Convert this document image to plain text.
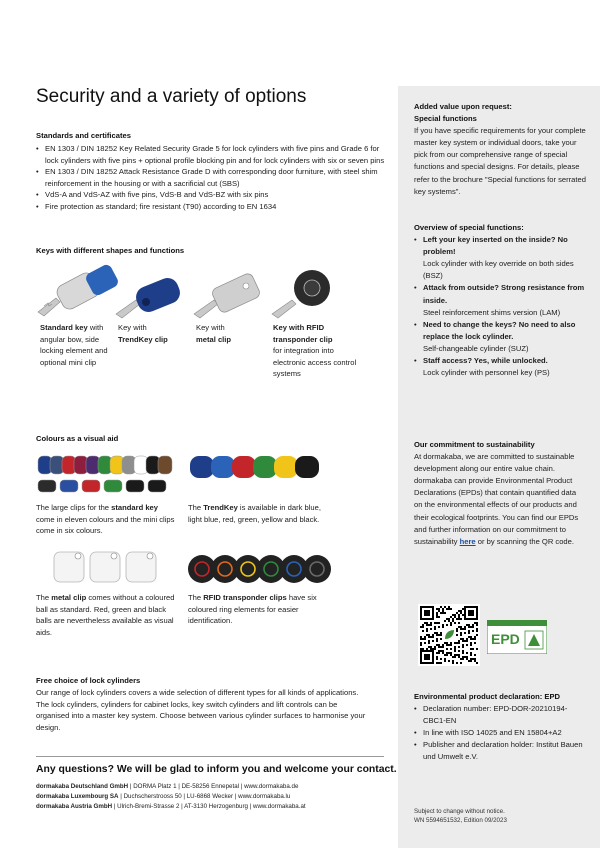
Security and a variety of options
Standards and certificates
• EN 1303 / DIN 18252 Key Related Security Grade 5 for lock cylinders with five pins and Grade 6 for lock cylinders with five pins + optional profile blocking pin and for lock cylinders with six or seven pins
• EN 1303 / DIN 18252 Attack Resistance Grade D with corresponding door furniture, with steel shim reinforcement in the housing or with a sacrificial cut (SBS)
• VdS-A and VdS-AZ with five pins, VdS-B and VdS-BZ with six pins
• Fire protection as standard; fire resistant (T90) according to EN 1634
Keys with different shapes and functions
Standard key with angular bow, side locking element and optional mini clip
Key with
TrendKey clip
Key with
metal clip
Key with RFID transponder clip
for integration into electronic access control systems
Colours as a visual aid
The large clips for the standard key come in eleven colours and the mini clips come in six colours.
The TrendKey is available in dark blue, light blue, red, green, yellow and black.
The metal clip comes without a coloured ball as standard. Red, green and black balls are nevertheless available as visual aids.
The RFID transponder clips have six coloured ring elements for easier identification.
Free choice of lock cylinders
Our range of lock cylinders covers a wide selection of different types for all kinds of applications. The lock cylinders, cylinders for cabinet locks, key switch cylinders and lift controls can be organised into a master key system. Choose between various cylinder surfaces to harmonise your design.
Any questions? We will be glad to inform you and welcome your contact.
dormakaba Deutschland GmbH | DORMA Platz 1 | DE-58256 Ennepetal | www.dormakaba.de
dormakaba Luxembourg SA | Duchscherstrooss 50 | LU-6868 Wecker | www.dormakaba.lu
dormakaba Austria GmbH | Ulrich-Bremi-Strasse 2 | AT-3130 Herzogenburg | www.dormakaba.at
Added value upon request:
Special functions
If you have specific requirements for your complete master key system or individual doors, take your pick from our comprehensive range of special functions and special designs. For details, please refer to the brochure "Special functions for serrated key systems".
Overview of special functions:
• Left your key inserted on the inside? No problem!
Lock cylinder with key override on both sides (BSZ)
• Attack from outside? Strong resistance from inside.
Steel reinforcement shims version (LAM)
• Need to change the keys? No need to also replace the lock cylinder.
Self-changeable cylinder (SUZ)
• Staff access? Yes, while unlocked.
Lock cylinder with personnel key (PS)
Our commitment to sustainability
At dormakaba, we are committed to sustainable development along our entire value chain. dormakaba can provide Environmental Product Declarations (EPDs) that contain quantified data on the environmental effects of our products and their ecological footprints. You can find our EPDs and further information on our commitment to sustainability here or by scanning the QR code.
EPD
Environmental product declaration: EPD
• Declaration number: EPD-DOR-20210194-CBC1-EN
• In line with ISO 14025 and EN 15804+A2
• Publisher and declaration holder: Institut Bauen und Umwelt e.V.
Subject to change without notice.
WN 5594651532, Edition 09/2023
